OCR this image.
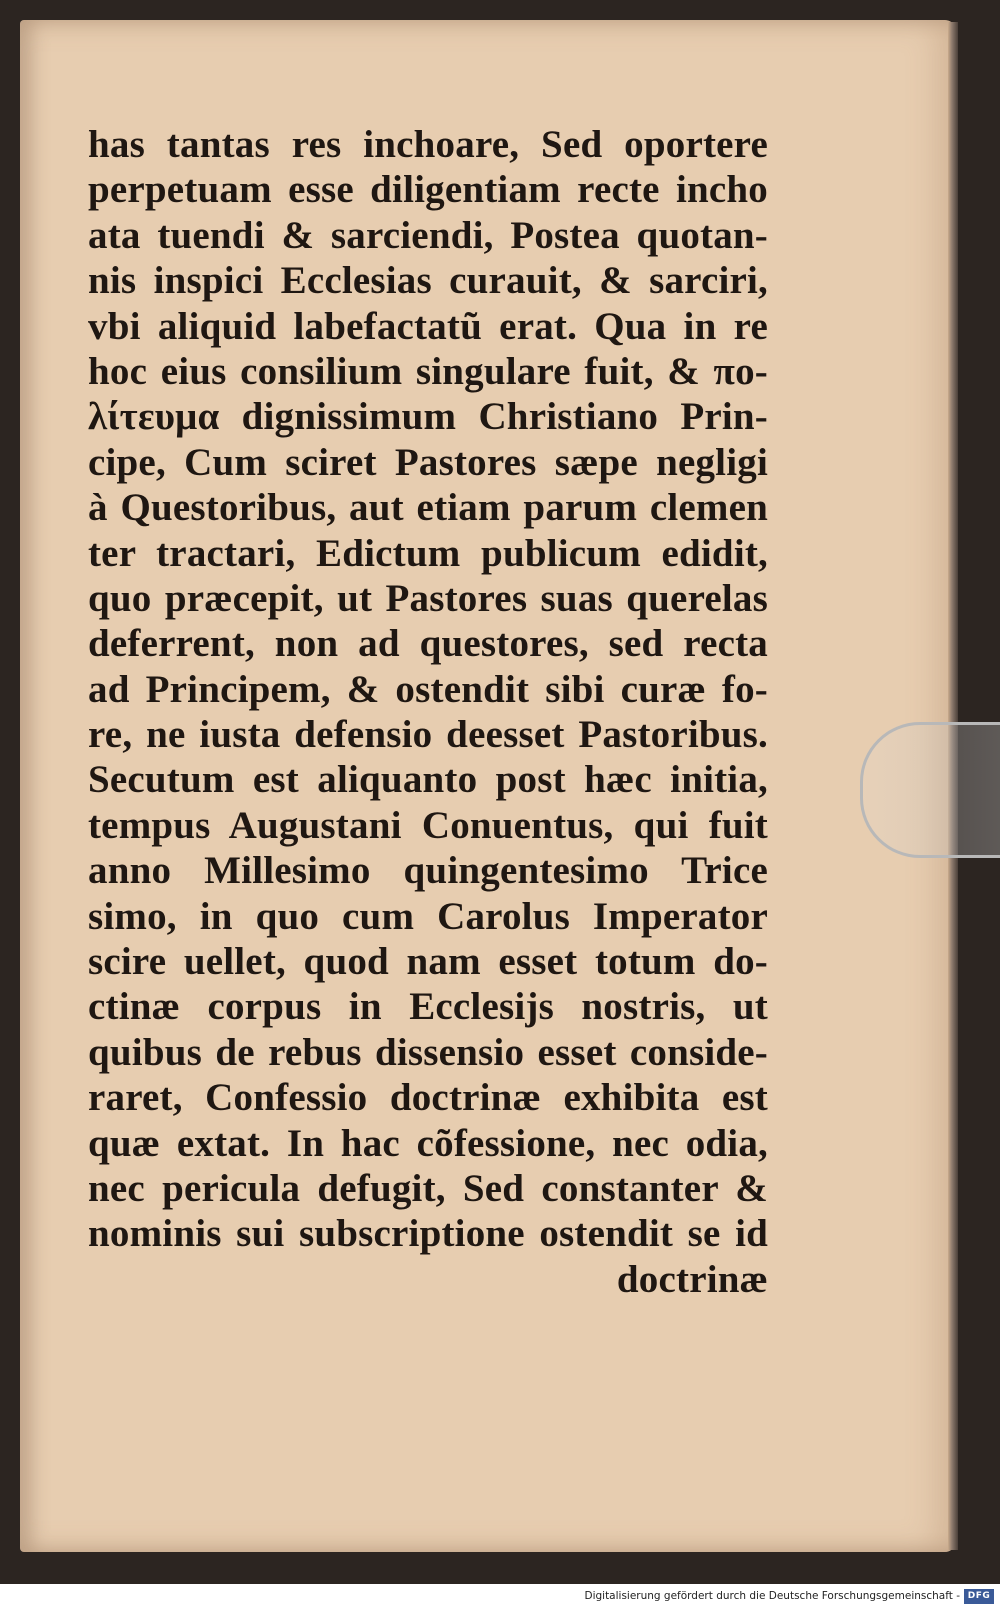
has tantas res inchoare, Sed oportere
perpetuam esse diligentiam recte incho
ata tuendi & sarciendi, Postea quotan-
nis inspici Ecclesias curauit, & sarciri,
vbi aliquid labefactatũ erat. Qua in re
hoc eius consilium singulare fuit, & πο-
λίτευμα dignissimum Christiano Prin-
cipe, Cum sciret Pastores sæpe negligi
à Questoribus, aut etiam parum clemen
ter tractari, Edictum publicum edidit,
quo præcepit, ut Pastores suas querelas
deferrent, non ad questores, sed recta
ad Principem, & ostendit sibi curæ fo-
re, ne iusta defensio deesset Pastoribus.
Secutum est aliquanto post hæc initia,
tempus Augustani Conuentus, qui fuit
anno Millesimo quingentesimo Trice
simo, in quo cum Carolus Imperator
scire uellet, quod nam esset totum do-
ctinæ corpus in Ecclesijs nostris, ut
quibus de rebus dissensio esset conside-
raret, Confessio doctrinæ exhibita est
quæ extat. In hac cõfessione, nec odia,
nec pericula defugit, Sed constanter &
nominis sui subscriptione ostendit se id
doctrinæ
Digitalisierung gefördert durch die Deutsche Forschungsgemeinschaft - DFG
